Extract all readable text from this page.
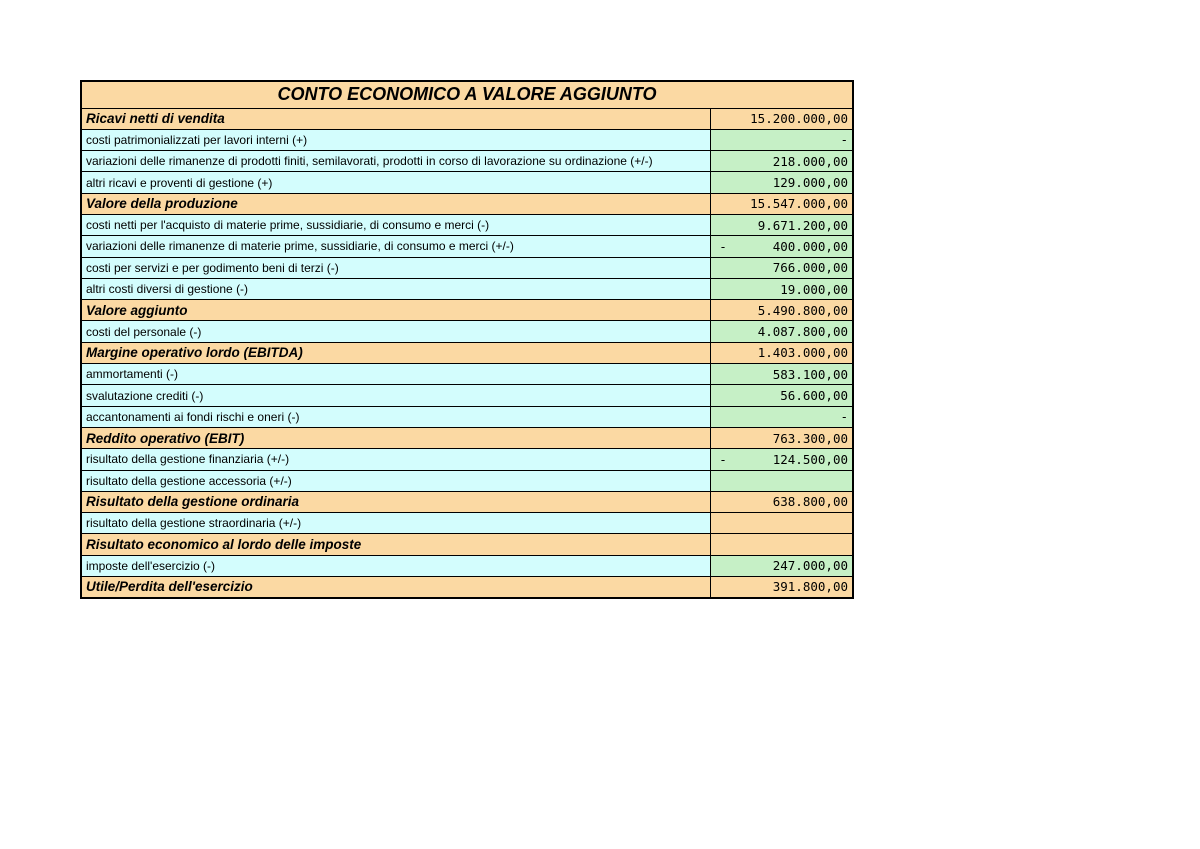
CONTO ECONOMICO A VALORE AGGIUNTO	
Ricavi netti di vendita	15.200.000,00

costi patrimonializzati per lavori interni (+)	-

variazioni delle rimanenze di prodotti finiti, semilavorati, prodotti in corso di lavorazione su ordinazione (+/-)	218.000,00

altri ricavi e proventi di gestione (+)	129.000,00

Valore della produzione	15.547.000,00

costi netti per l'acquisto di materie prime, sussidiarie, di consumo e merci (-)	9.671.200,00

variazioni delle rimanenze di materie prime, sussidiarie, di consumo e merci (+/-)	- 400.000,00

costi per servizi e per godimento beni di terzi (-)	766.000,00

altri costi diversi di gestione (-)	19.000,00

Valore aggiunto	5.490.800,00

costi del personale (-)	4.087.800,00

Margine operativo lordo (EBITDA)	1.403.000,00

ammortamenti (-)	583.100,00

svalutazione crediti (-)	56.600,00

accantonamenti ai fondi rischi e oneri (-)	-

Reddito operativo (EBIT)	763.300,00

risultato della gestione finanziaria (+/-)	- 124.500,00

risultato della gestione accessoria (+/-)	

Risultato della gestione ordinaria	638.800,00

risultato della gestione straordinaria (+/-)	

Risultato economico al lordo delle imposte	

imposte dell'esercizio (-)	247.000,00

Utile/Perdita dell'esercizio	391.800,00
